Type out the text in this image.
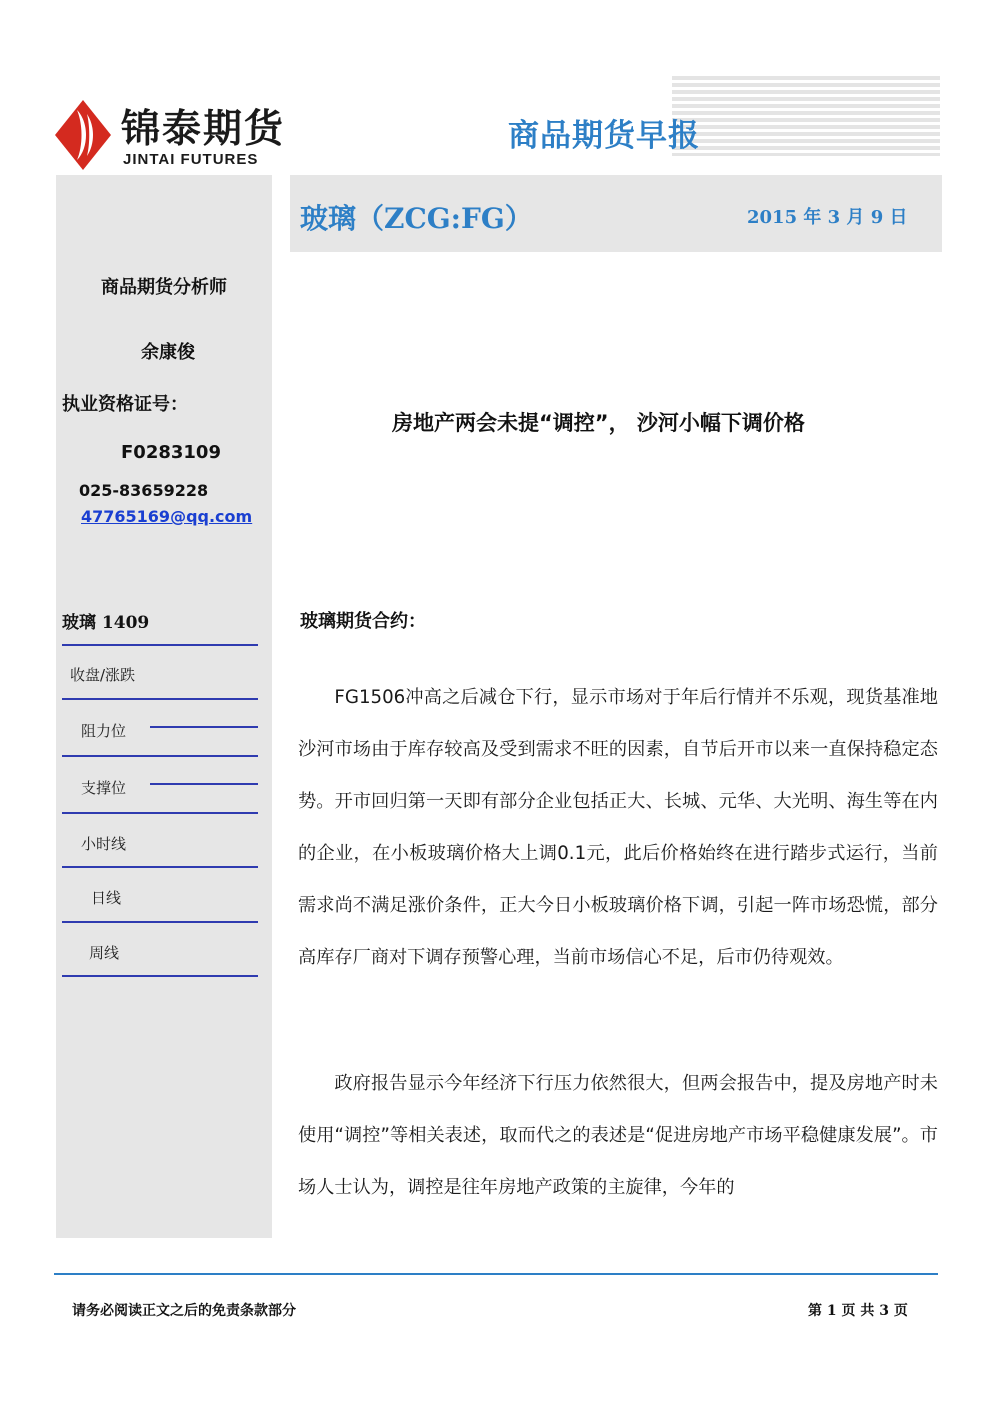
锦泰期货
JINTAI FUTURES
商品期货早报
商品期货分析师
余康俊
执业资格证号：
F0283109
025-83659228
47765169@qq.com
玻璃 1409
收盘/涨跌
阻力位
支撑位
小时线
日线
周线
玻璃（ZCG:FG）	2015 年 3 月 9 日
房地产两会未提“调控”， 沙河小幅下调价格
玻璃期货合约：
FG1506冲高之后减仓下行，显示市场对于年后行情并不乐观，现货基准地 沙河市场由于库存较高及受到需求不旺的因素，自节后开市以来一直保持稳定态势。开市回归第一天即有部分企业包括正大、长城、元华、大光明、海生等在内的企业，在小板玻璃价格大上调0.1元，此后价格始终在进行踏步式运行，当前需求尚不满足涨价条件，正大今日小板玻璃价格下调，引起一阵市场恐慌，部分高库存厂商对下调存预警心理，当前市场信心不足，后市仍待观效。
政府报告显示今年经济下行压力依然很大，但两会报告中，提及房地产时未使用“调控”等相关表述，取而代之的表述是“促进房地产市场平稳健康发展”。市场人士认为，调控是往年房地产政策的主旋律，今年的
请务必阅读正文之后的免责条款部分	第 1 页 共 3 页
